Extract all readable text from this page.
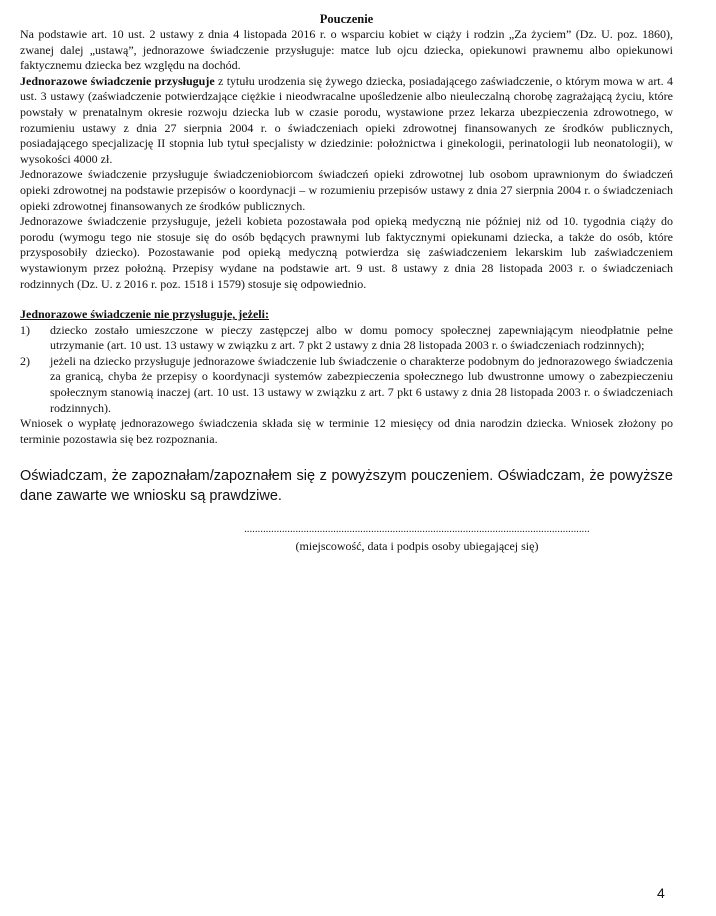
Pouczenie

Na podstawie art. 10 ust. 2 ustawy z dnia 4 listopada 2016 r. o wsparciu kobiet w ciąży i rodzin „Za życiem” (Dz. U. poz. 1860), zwanej dalej „ustawą”, jednorazowe świadczenie przysługuje: matce lub ojcu dziecka, opiekunowi prawnemu albo opiekunowi faktycznemu dziecka bez względu na dochód.

Jednorazowe świadczenie przysługuje z tytułu urodzenia się żywego dziecka, posiadającego zaświadczenie, o którym mowa w art. 4 ust. 3 ustawy (zaświadczenie potwierdzające ciężkie i nieodwracalne upośledzenie albo nieuleczalną chorobę zagrażającą życiu, które powstały w prenatalnym okresie rozwoju dziecka lub w czasie porodu, wystawione przez lekarza ubezpieczenia zdrowotnego, w rozumieniu ustawy z dnia 27 sierpnia 2004 r. o świadczeniach opieki zdrowotnej finansowanych ze środków publicznych, posiadającego specjalizację II stopnia lub tytuł specjalisty w dziedzinie: położnictwa i ginekologii, perinatologii lub neonatologii), w wysokości 4000 zł.

Jednorazowe świadczenie przysługuje świadczeniobiorcom świadczeń opieki zdrowotnej lub osobom uprawnionym do świadczeń opieki zdrowotnej na podstawie przepisów o koordynacji – w rozumieniu przepisów ustawy z dnia 27 sierpnia 2004 r. o świadczeniach opieki zdrowotnej finansowanych ze środków publicznych.

Jednorazowe świadczenie przysługuje, jeżeli kobieta pozostawała pod opieką medyczną nie później niż od 10. tygodnia ciąży do porodu (wymogu tego nie stosuje się do osób będących prawnymi lub faktycznymi opiekunami dziecka, a także do osób, które przysposobiły dziecko). Pozostawanie pod opieką medyczną potwierdza się zaświadczeniem lekarskim lub zaświadczeniem wystawionym przez położną. Przepisy wydane na podstawie art. 9 ust. 8 ustawy z dnia 28 listopada 2003 r. o świadczeniach rodzinnych (Dz. U. z 2016 r. poz. 1518 i 1579) stosuje się odpowiednio.

Jednorazowe świadczenie nie przysługuje, jeżeli:

1)	dziecko zostało umieszczone w pieczy zastępczej albo w domu pomocy społecznej zapewniającym nieodpłatnie pełne utrzymanie (art. 10 ust. 13 ustawy w związku z art. 7 pkt 2 ustawy z dnia 28 listopada 2003 r. o świadczeniach rodzinnych);
2)	jeżeli na dziecko przysługuje jednorazowe świadczenie lub świadczenie o charakterze podobnym do jednorazowego świadczenia za granicą, chyba że przepisy o koordynacji systemów zabezpieczenia społecznego lub dwustronne umowy o zabezpieczeniu społecznym stanowią inaczej (art. 10 ust. 13 ustawy w związku z art. 7 pkt 6 ustawy z dnia 28 listopada 2003 r. o świadczeniach rodzinnych).

Wniosek o wypłatę jednorazowego świadczenia składa się w terminie 12 miesięcy od dnia narodzin dziecka. Wniosek złożony po terminie pozostawia się bez rozpoznania.

Oświadczam, że zapoznałam/zapoznałem się z powyższym pouczeniem. Oświadczam, że powyższe dane zawarte we wniosku są prawdziwe.
................................................................................................................................
(miejscowość, data i podpis osoby ubiegającej się)
4
